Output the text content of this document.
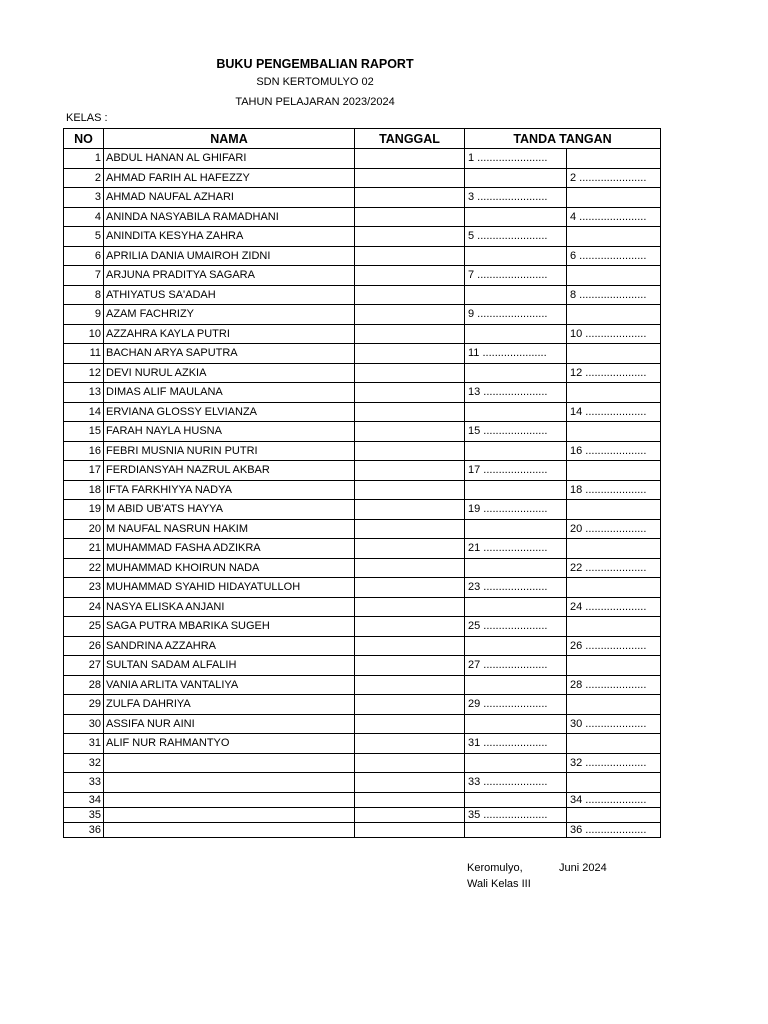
BUKU PENGEMBALIAN RAPORT
SDN KERTOMULYO 02
TAHUN PELAJARAN 2023/2024
KELAS :
NO	NAMA	TANGGAL	TANDA TANGAN	
1	ABDUL HANAN AL GHIFARI		1 .......................	
2	AHMAD FARIH AL HAFEZZY			2 ......................
3	AHMAD NAUFAL AZHARI		3 .......................	
4	ANINDA NASYABILA RAMADHANI			4 ......................
5	ANINDITA KESYHA ZAHRA		5 .......................	
6	APRILIA DANIA UMAIROH ZIDNI			6 ......................
7	ARJUNA PRADITYA SAGARA		7 .......................	
8	ATHIYATUS SA'ADAH			8 ......................
9	AZAM FACHRIZY		9 .......................	
10	AZZAHRA KAYLA PUTRI			10 ....................
11	BACHAN ARYA SAPUTRA		11 .....................	
12	DEVI NURUL AZKIA			12 ....................
13	DIMAS ALIF MAULANA		13 .....................	
14	ERVIANA GLOSSY ELVIANZA			14 ....................
15	FARAH NAYLA HUSNA		15 .....................	
16	FEBRI MUSNIA NURIN PUTRI			16 ....................
17	FERDIANSYAH NAZRUL AKBAR		17 .....................	
18	IFTA FARKHIYYA NADYA			18 ....................
19	M ABID UB'ATS HAYYA		19 .....................	
20	M NAUFAL NASRUN HAKIM			20 ....................
21	MUHAMMAD FASHA ADZIKRA		21 .....................	
22	MUHAMMAD KHOIRUN NADA			22 ....................
23	MUHAMMAD SYAHID HIDAYATULLOH		23 .....................	
24	NASYA ELISKA ANJANI			24 ....................
25	SAGA PUTRA MBARIKA SUGEH		25 .....................	
26	SANDRINA AZZAHRA			26 ....................
27	SULTAN SADAM ALFALIH		27 .....................	
28	VANIA ARLITA VANTALIYA			28 ....................
29	ZULFA DAHRIYA		29 .....................	
30	ASSIFA NUR AINI			30 ....................
31	ALIF NUR RAHMANTYO		31 .....................	
32				32 ....................
33			33 .....................	
34				34 ....................
35			35 .....................	
36				36 ....................
Keromulyo,	Juni 2024
Wali Kelas III
